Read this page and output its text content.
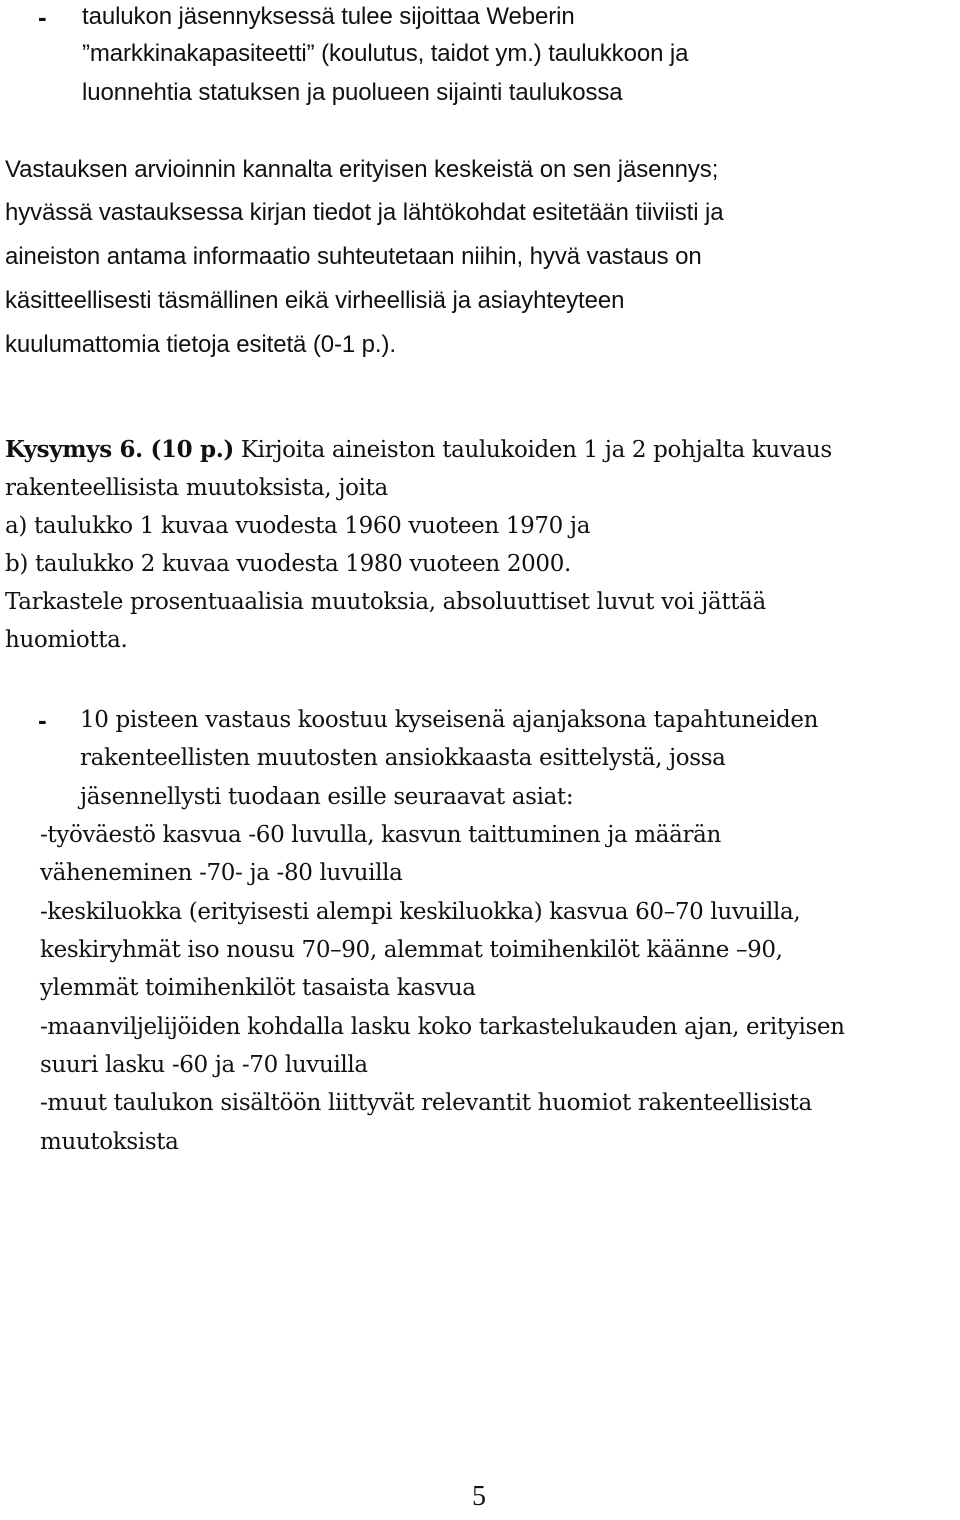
- taulukon jäsennyksessä tulee sijoittaa Weberin
”markkinakapasiteetti” (koulutus, taidot ym.) taulukkoon ja
luonnehtia statuksen ja puolueen sijainti taulukossa
Vastauksen arvioinnin kannalta erityisen keskeistä on sen jäsennys;
hyvässä vastauksessa kirjan tiedot ja lähtökohdat esitetään tiiviisti ja
aineiston antama informaatio suhteutetaan niihin, hyvä vastaus on
käsitteellisesti täsmällinen eikä virheellisiä ja asiayhteyteen
kuulumattomia tietoja esitetä (0-1 p.).
Kysymys 6. (10 p.) Kirjoita aineiston taulukoiden 1 ja 2 pohjalta kuvaus
rakenteellisista muutoksista, joita
a) taulukko 1 kuvaa vuodesta 1960 vuoteen 1970 ja
b) taulukko 2 kuvaa vuodesta 1980 vuoteen 2000.
Tarkastele prosentuaalisia muutoksia, absoluuttiset luvut voi jättää
huomiotta.
- 10 pisteen vastaus koostuu kyseisenä ajanjaksona tapahtuneiden
rakenteellisten muutosten ansiokkaasta esittelystä, jossa
jäsennellysti tuodaan esille seuraavat asiat:
-työväestö kasvua -60 luvulla, kasvun taittuminen ja määrän
väheneminen -70- ja -80 luvuilla
-keskiluokka (erityisesti alempi keskiluokka) kasvua 60–70 luvuilla,
keskiryhmät iso nousu 70–90, alemmat toimihenkilöt käänne –90,
ylemmät toimihenkilöt tasaista kasvua
-maanviljelijöiden kohdalla lasku koko tarkastelukauden ajan, erityisen
suuri lasku -60 ja -70 luvuilla
-muut taulukon sisältöön liittyvät relevantit huomiot rakenteellisista
muutoksista
5
